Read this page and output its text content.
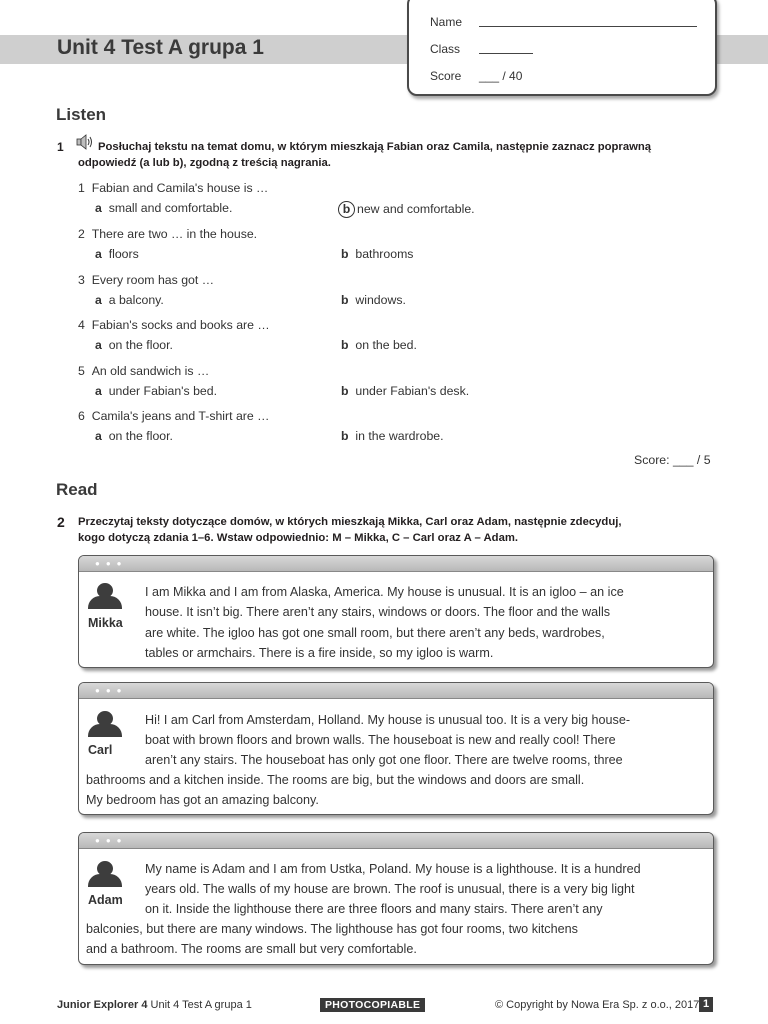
Unit 4 Test A grupa 1
Name
Class
Score ___ / 40
Listen
1	Posłuchaj tekstu na temat domu, w którym mieszkają Fabian oraz Camila, następnie zaznacz poprawną
odpowiedź (a lub b), zgodną z treścią nagrania.
1 Fabian and Camila's house is …
a small and comfortable.	b new and comfortable.
2 There are two … in the house.
a floors	b bathrooms
3 Every room has got …
a a balcony.	b windows.
4 Fabian's socks and books are …
a on the floor.	b on the bed.
5 An old sandwich is …
a under Fabian's bed.	b under Fabian's desk.
6 Camila's jeans and T-shirt are …
a on the floor.	b in the wardrobe.
Score: ___ / 5
Read
2 Przeczytaj teksty dotyczące domów, w których mieszkają Mikka, Carl oraz Adam, następnie zdecyduj,
kogo dotyczą zdania 1–6. Wstaw odpowiednio: M – Mikka, C – Carl oraz A – Adam.
●●●
Mikka
I am Mikka and I am from Alaska, America. My house is unusual. It is an igloo – an ice
house. It isn’t big. There aren’t any stairs, windows or doors. The floor and the walls
are white. The igloo has got one small room, but there aren’t any beds, wardrobes,
tables or armchairs. There is a fire inside, so my igloo is warm.
●●●
Carl
Hi! I am Carl from Amsterdam, Holland. My house is unusual too. It is a very big house-
boat with brown floors and brown walls. The houseboat is new and really cool! There
aren’t any stairs. The houseboat has only got one floor. There are twelve rooms, three
bathrooms and a kitchen inside. The rooms are big, but the windows and doors are small.
My bedroom has got an amazing balcony.
●●●
Adam
My name is Adam and I am from Ustka, Poland. My house is a lighthouse. It is a hundred
years old. The walls of my house are brown. The roof is unusual, there is a very big light
on it. Inside the lighthouse there are three floors and many stairs. There aren’t any
balconies, but there are many windows. The lighthouse has got four rooms, two kitchens
and a bathroom. The rooms are small but very comfortable.
Junior Explorer 4 Unit 4 Test A grupa 1	PHOTOCOPIABLE	© Copyright by Nowa Era Sp. z o.o., 2017 1
